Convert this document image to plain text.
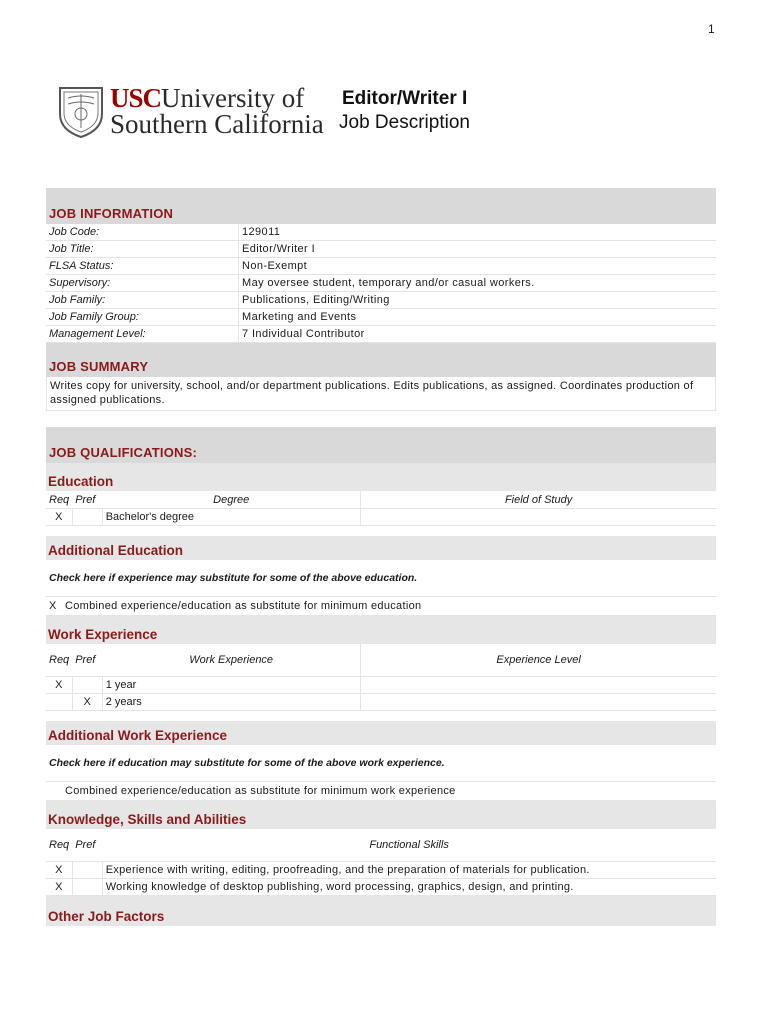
1
USCUniversity of
Southern California
Editor/Writer I
Job Description
JOB INFORMATION
Job Code:	129011
Job Title:	Editor/Writer I
FLSA Status:	Non-Exempt
Supervisory:	May oversee student, temporary and/or casual workers.
Job Family:	Publications, Editing/Writing
Job Family Group:	Marketing and Events
Management Level:	7 Individual Contributor
JOB SUMMARY
Writes copy for university, school, and/or department publications. Edits publications, as assigned. Coordinates production of assigned publications.
JOB QUALIFICATIONS:
Education
Req	Pref	Degree	Field of Study
X		Bachelor's degree	
Additional Education
Check here if experience may substitute for some of the above education.
X Combined experience/education as substitute for minimum education
Work Experience
Req	Pref	Work Experience	Experience Level
X		1 year	
	X	2 years	
Additional Work Experience
Check here if education may substitute for some of the above work experience.
Combined experience/education as substitute for minimum work experience
Knowledge, Skills and Abilities
Req	Pref	Functional Skills
X		Experience with writing, editing, proofreading, and the preparation of materials for publication.
X		Working knowledge of desktop publishing, word processing, graphics, design, and printing.
Other Job Factors
